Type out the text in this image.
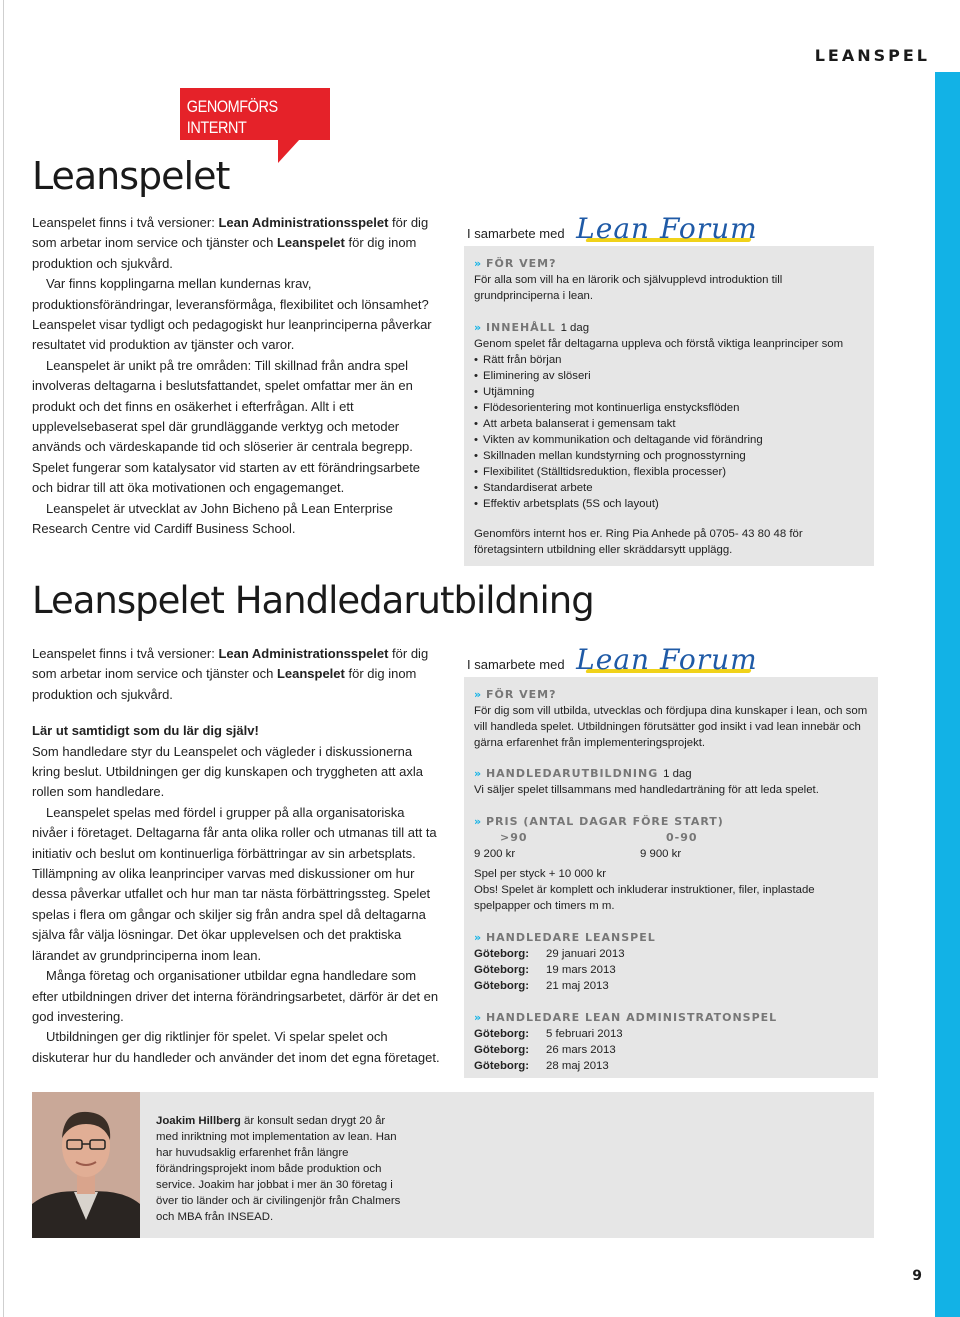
LEANSPEL
GENOMFÖRS INTERNT
HOS ER
Leanspelet

Leanspelet finns i två versioner: Lean Administrationsspelet för dig som arbetar inom service och tjänster och Leanspelet för dig inom produktion och sjukvård.

Var finns kopplingarna mellan kundernas krav, produktionsförändringar, leveransförmåga, flexibilitet och lönsamhet? Leanspelet visar tydligt och pedagogiskt hur leanprinciperna påverkar resultatet vid produktion av tjänster och varor.

Leanspelet är unikt på tre områden: Till skillnad från andra spel involveras deltagarna i beslutsfattandet, spelet omfattar mer än en produkt och det finns en osäkerhet i efterfrågan. Allt i ett upplevelsebaserat spel där grundläggande verktyg och metoder används och värdeskapande tid och slöserier är centrala begrepp. Spelet fungerar som katalysator vid starten av ett förändringsarbete och bidrar till att öka motivationen och engagemanget.

Leanspelet är utvecklat av John Bicheno på Lean Enterprise Research Centre vid Cardiff Business School.

I samarbete med Lean Forum
» FÖR VEM?

För alla som vill ha en lärorik och självupplevd introduktion till grundprinciperna i lean.

» INNEHÅLL 1 dag

Genom spelet får deltagarna uppleva och förstå viktiga leanprinciper som

• Rätt från början
• Eliminering av slöseri
• Utjämning
• Flödesorientering mot kontinuerliga enstycksflöden
• Att arbeta balanserat i gemensam takt
• Vikten av kommunikation och deltagande vid förändring
• Skillnaden mellan kundstyrning och prognosstyrning
• Flexibilitet (Ställtidsreduktion, flexibla processer)
• Standardiserat arbete
• Effektiv arbetsplats (5S och layout)

Genomförs internt hos er. Ring Pia Anhede på 0705- 43 80 48 för företagsintern utbildning eller skräddarsytt upplägg.

Leanspelet Handledarutbildning

Leanspelet finns i två versioner: Lean Administrationsspelet för dig som arbetar inom service och tjänster och Leanspelet för dig inom produktion och sjukvård.

Lär ut samtidigt som du lär dig själv!

Som handledare styr du Leanspelet och vägleder i diskussionerna kring beslut. Utbildningen ger dig kunskapen och tryggheten att axla rollen som handledare.

Leanspelet spelas med fördel i grupper på alla organisatoriska nivåer i företaget. Deltagarna får anta olika roller och utmanas till att ta initiativ och beslut om kontinuerliga förbättringar av sin arbetsplats. Tillämpning av olika leanprinciper varvas med diskussioner om hur dessa påverkar utfallet och hur man tar nästa förbättringssteg. Spelet spelas i flera om gångar och skiljer sig från andra spel då deltagarna själva får välja lösningar. Det ökar upplevelsen och det praktiska lärandet av grundprinciperna inom lean.

Många företag och organisationer utbildar egna handledare som efter utbildningen driver det interna förändringsarbetet, därför är det en god investering.

Utbildningen ger dig riktlinjer för spelet. Vi spelar spelet och diskuterar hur du handleder och använder det inom det egna företaget.

I samarbete med Lean Forum
» FÖR VEM?

För dig som vill utbilda, utvecklas och fördjupa dina kunskaper i lean, och som vill handleda spelet. Utbildningen förutsätter god insikt i vad lean innebär och gärna erfarenhet från implementeringsprojekt.

» HANDLEDARUTBILDNING 1 dag

Vi säljer spelet tillsammans med handledarträning för att leda spelet.

» PRIS (ANTAL DAGAR FÖRE START)
>90	0-90
9 200 kr	9 900 kr

Spel per styck + 10 000 kr

Obs! Spelet är komplett och inkluderar instruktioner, filer, inplastade spelpapper och timers m m.

» HANDLEDARE LEANSPEL
Göteborg:	29 januari 2013
Göteborg:	19 mars 2013
Göteborg:	21 maj 2013
» HANDLEDARE LEAN ADMINISTRATONSPEL
Göteborg:	5 februari 2013
Göteborg:	26 mars 2013
Göteborg:	28 maj 2013
Joakim Hillberg är konsult sedan drygt 20 år med inriktning mot implementation av lean. Han har huvudsaklig erfarenhet från längre förändringsprojekt inom både produktion och service. Joakim har jobbat i mer än 30 företag i över tio länder och är civilingenjör från Chalmers och MBA från INSEAD.
9
